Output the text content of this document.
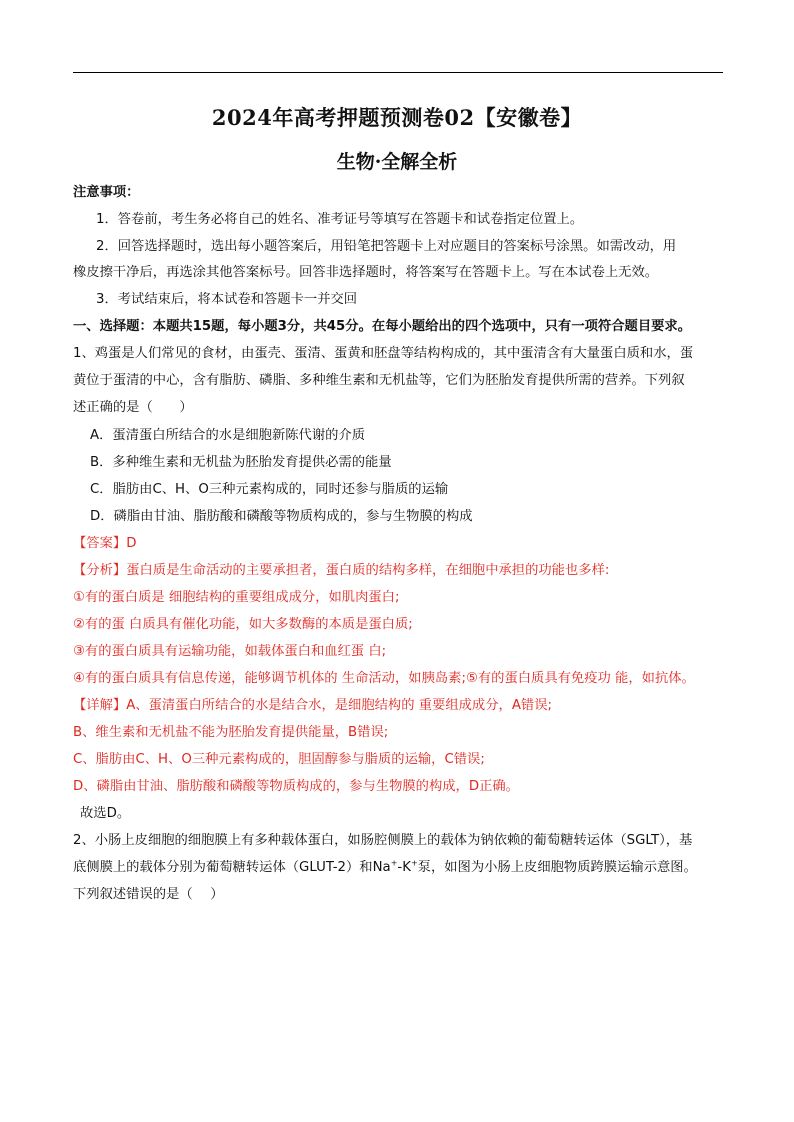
2024年高考押题预测卷02【安徽卷】
生物·全解全析
注意事项：
1．答卷前，考生务必将自己的姓名、准考证号等填写在答题卡和试卷指定位置上。
2．回答选择题时，选出每小题答案后，用铅笔把答题卡上对应题目的答案标号涂黑。如需改动，用
橡皮擦干净后，再选涂其他答案标号。回答非选择题时，将答案写在答题卡上。写在本试卷上无效。
3．考试结束后，将本试卷和答题卡一并交回
一、选择题：本题共15题，每小题3分，共45分。在每小题给出的四个选项中，只有一项符合题目要求。
1、鸡蛋是人们常见的食材，由蛋壳、蛋清、蛋黄和胚盘等结构构成的，其中蛋清含有大量蛋白质和水，蛋
黄位于蛋清的中心，含有脂肪、磷脂、多种维生素和无机盐等，它们为胚胎发育提供所需的营养。下列叙
述正确的是（　　）
A．蛋清蛋白所结合的水是细胞新陈代谢的介质
B．多种维生素和无机盐为胚胎发育提供必需的能量
C．脂肪由C、H、O三种元素构成的，同时还参与脂质的运输
D．磷脂由甘油、脂肪酸和磷酸等物质构成的，参与生物膜的构成
【答案】D
【分析】蛋白质是生命活动的主要承担者，蛋白质的结构多样，在细胞中承担的功能也多样:
①有的蛋白质是 细胞结构的重要组成成分，如肌肉蛋白;
②有的蛋 白质具有催化功能，如大多数酶的本质是蛋白质;
③有的蛋白质具有运输功能，如载体蛋白和血红蛋 白;
④有的蛋白质具有信息传递，能够调节机体的 生命活动，如胰岛素;⑤有的蛋白质具有免疫功 能，如抗体。
【详解】A、蛋清蛋白所结合的水是结合水，是细胞结构的 重要组成成分，A错误;
B、维生素和无机盐不能为胚胎发育提供能量，B错误;
C、脂肪由C、H、O三种元素构成的，胆固醇参与脂质的运输，C错误;
D、磷脂由甘油、脂肪酸和磷酸等物质构成的，参与生物膜的构成，D正确。
故选D。
2、小肠上皮细胞的细胞膜上有多种载体蛋白，如肠腔侧膜上的载体为钠依赖的葡萄糖转运体（SGLT），基
底侧膜上的载体分别为葡萄糖转运体（GLUT-2）和Na+-K+泵，如图为小肠上皮细胞物质跨膜运输示意图。
下列叙述错误的是（　 ）
